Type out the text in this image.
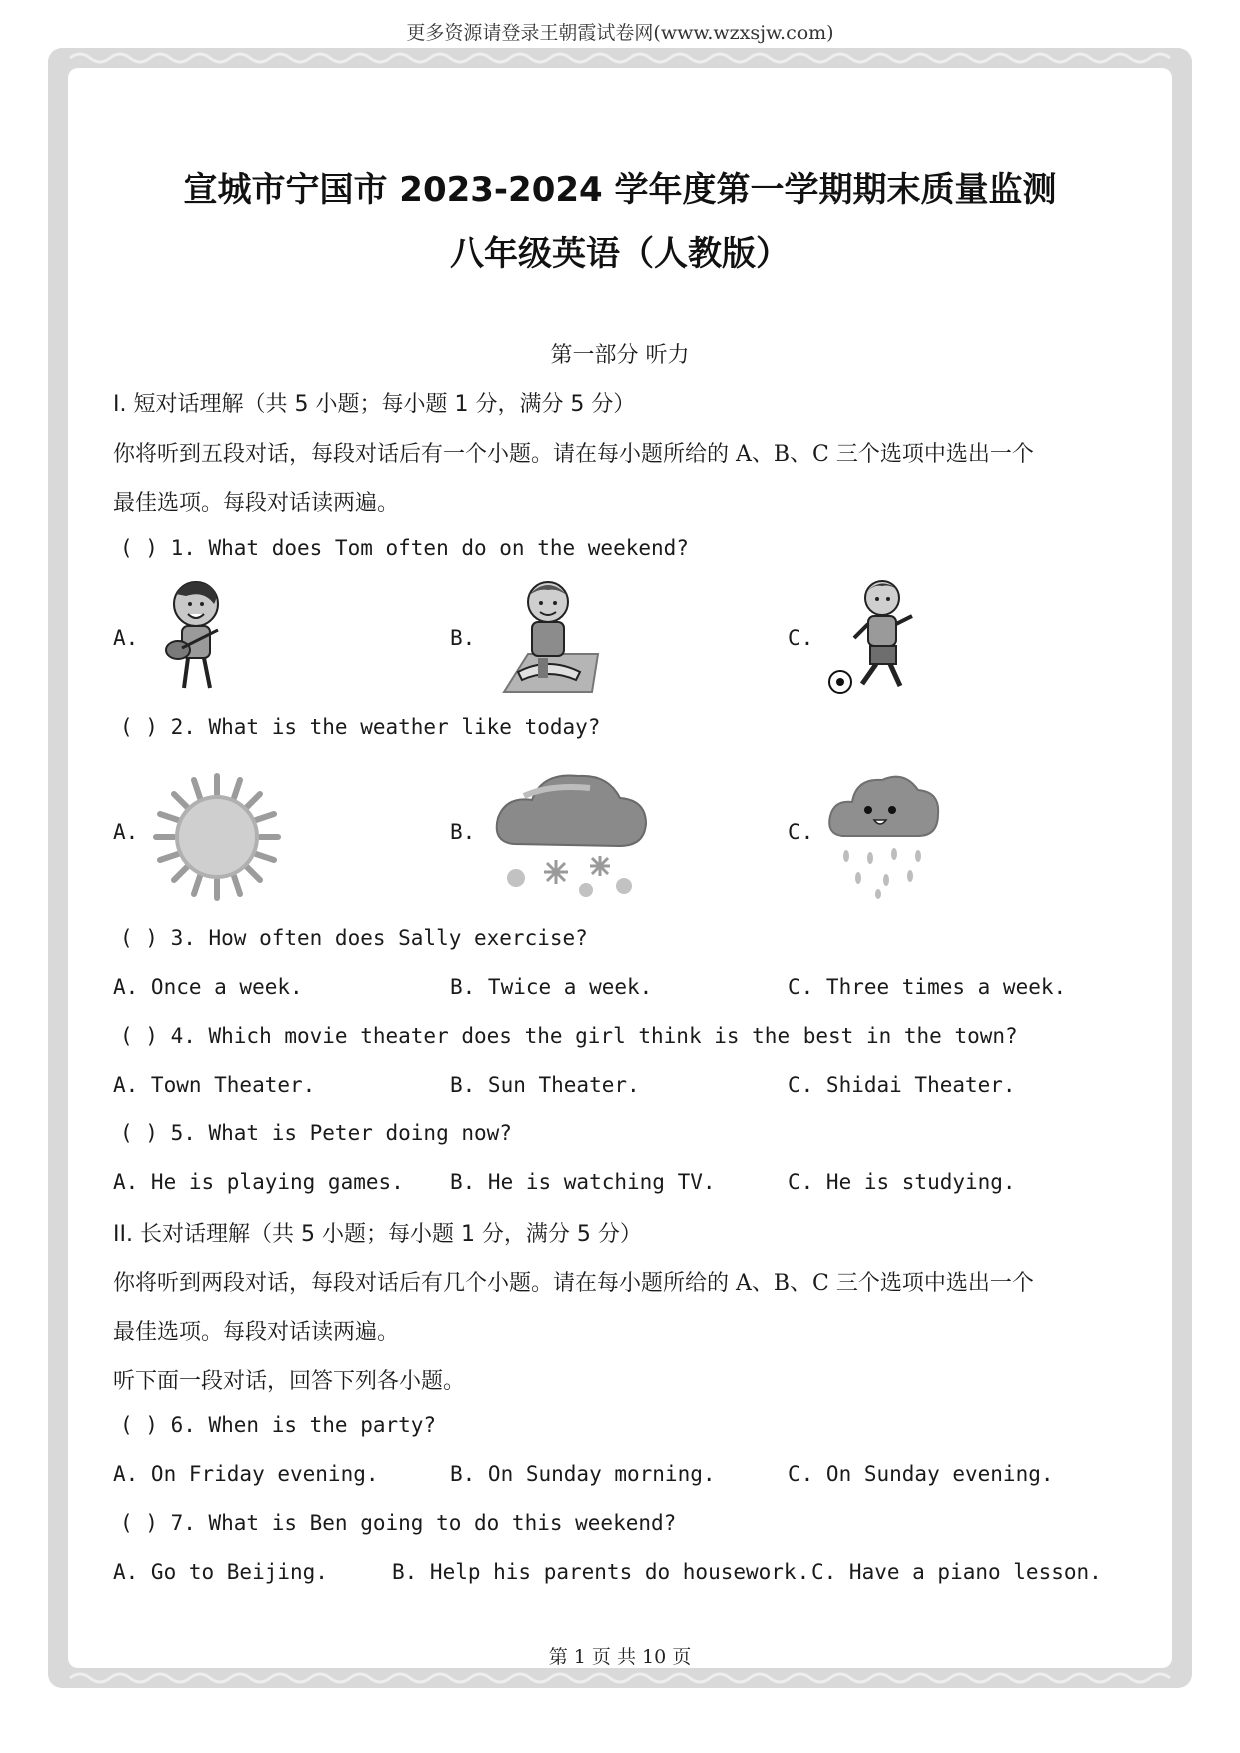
更多资源请登录王朝霞试卷网(www.wzxsjw.com)
宣城市宁国市 2023-2024 学年度第一学期期末质量监测
八年级英语（人教版）
第一部分 听力
I. 短对话理解（共 5 小题；每小题 1 分，满分 5 分）
你将听到五段对话，每段对话后有一个小题。请在每小题所给的 A、B、C 三个选项中选出一个
最佳选项。每段对话读两遍。
( ) 1. What does Tom often do on the weekend?
A.	B.	C.
( ) 2. What is the weather like today?
A.	B.	C.
( ) 3. How often does Sally exercise?
A. Once a week.	B. Twice a week.	C. Three times a week.
( ) 4. Which movie theater does the girl think is the best in the town?
A. Town Theater.	B. Sun Theater.	C. Shidai Theater.
( ) 5. What is Peter doing now?
A. He is playing games. B. He is watching TV.	C. He is studying.
II. 长对话理解（共 5 小题；每小题 1 分，满分 5 分）
你将听到两段对话，每段对话后有几个小题。请在每小题所给的 A、B、C 三个选项中选出一个
最佳选项。每段对话读两遍。
听下面一段对话，回答下列各小题。
( ) 6. When is the party?
A. On Friday evening.	B. On Sunday morning.	C. On Sunday evening.
( ) 7. What is Ben going to do this weekend?
A. Go to Beijing.	B. Help his parents do housework. C. Have a piano lesson.
第 1 页 共 10 页
